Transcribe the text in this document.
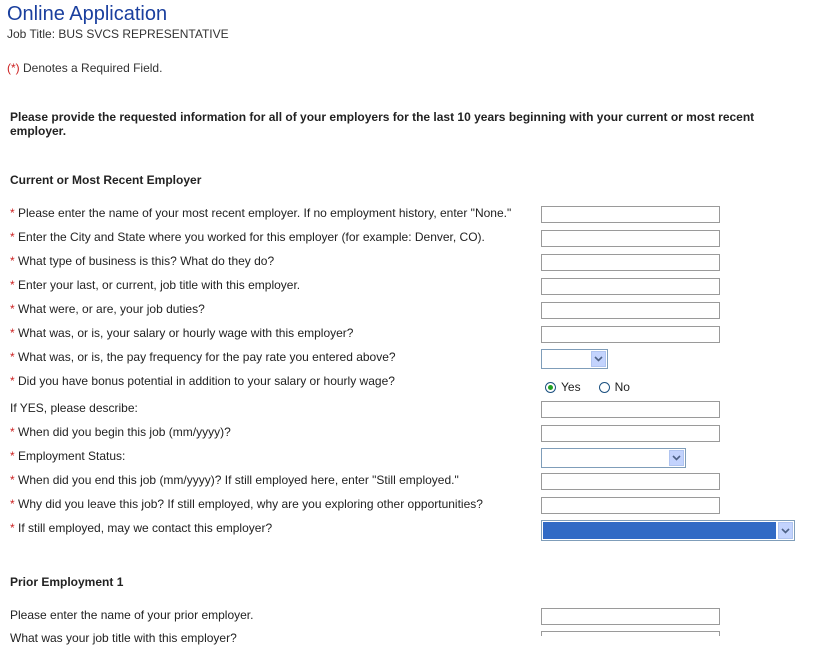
Online Application
Job Title: BUS SVCS REPRESENTATIVE
(*) Denotes a Required Field.
Please provide the requested information for all of your employers for the last 10 years beginning with your current or most recent employer.
Current or Most Recent Employer
* Please enter the name of your most recent employer. If no employment history, enter "None."
* Enter the City and State where you worked for this employer (for example: Denver, CO).
* What type of business is this? What do they do?
* Enter your last, or current, job title with this employer.
* What were, or are, your job duties?
* What was, or is, your salary or hourly wage with this employer?
* What was, or is, the pay frequency for the pay rate you entered above?
* Did you have bonus potential in addition to your salary or hourly wage?	Yes	No
If YES, please describe:
* When did you begin this job (mm/yyyy)?
* Employment Status:
* When did you end this job (mm/yyyy)? If still employed here, enter "Still employed."
* Why did you leave this job? If still employed, why are you exploring other opportunities?
* If still employed, may we contact this employer?
Prior Employment 1
Please enter the name of your prior employer.
What was your job title with this employer?
